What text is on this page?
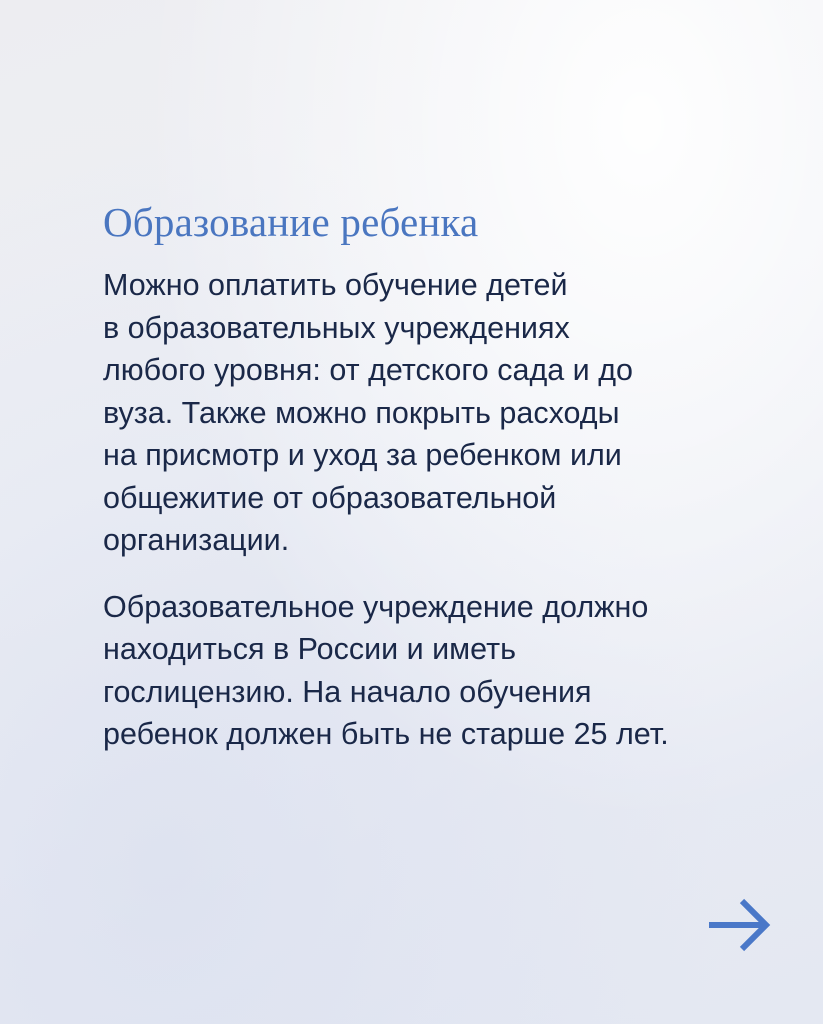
Образование ребенка

Можно оплатить обучение детей
в образовательных учреждениях
любого уровня: от детского сада и до
вуза. Также можно покрыть расходы
на присмотр и уход за ребенком или
общежитие от образовательной
организации.

Образовательное учреждение должно
находиться в России и иметь
гослицензию. На начало обучения
ребенок должен быть не старше 25 лет.
